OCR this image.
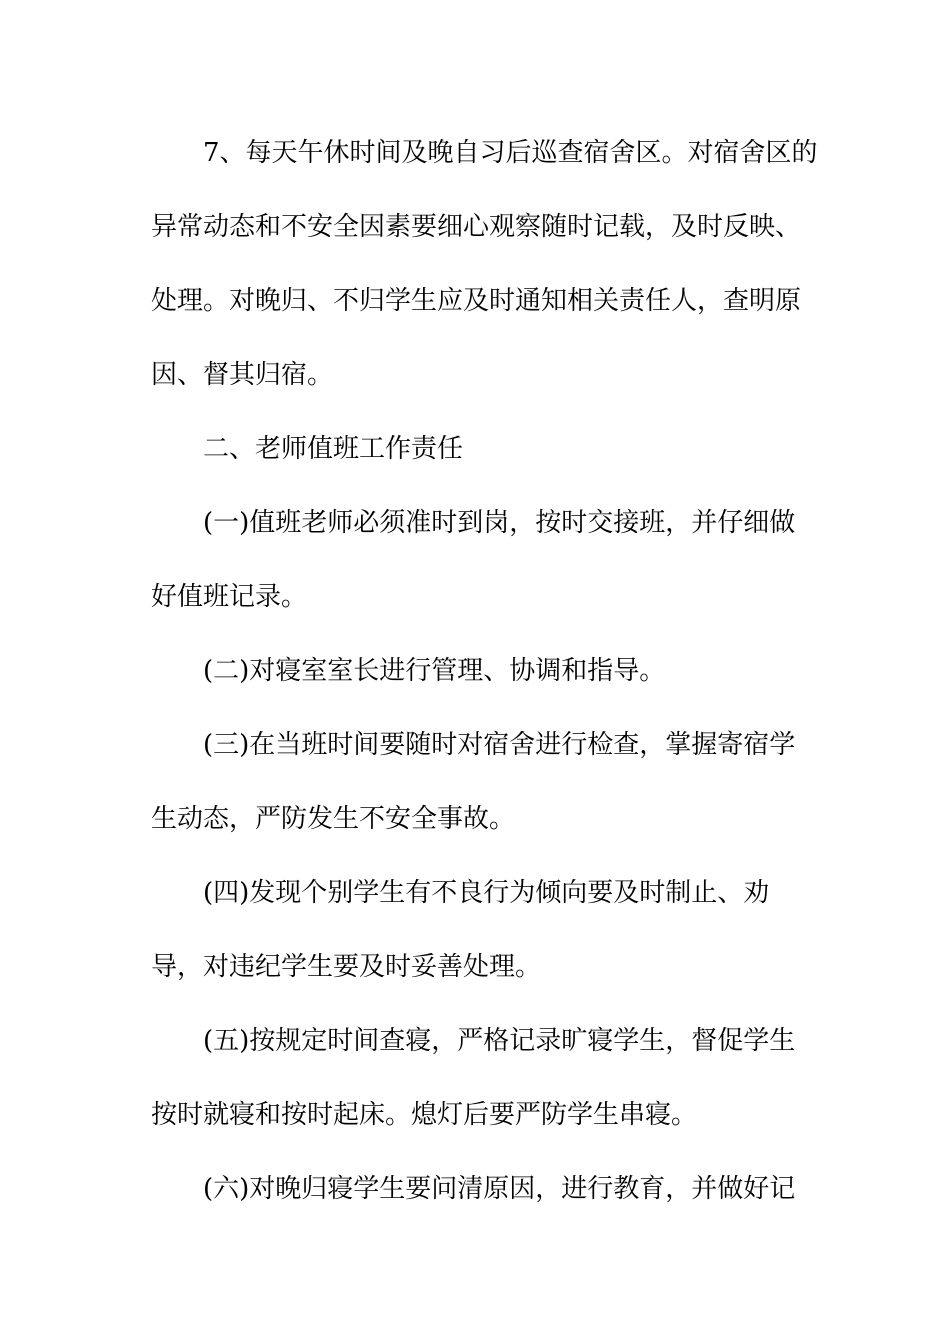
7、每天午休时间及晚自习后巡查宿舍区。对宿舍区的
异常动态和不安全因素要细心观察随时记载，及时反映、
处理。对晚归、不归学生应及时通知相关责任人，查明原
因、督其归宿。
二、老师值班工作责任
(一)值班老师必须准时到岗，按时交接班，并仔细做
好值班记录。
(二)对寝室室长进行管理、协调和指导。
(三)在当班时间要随时对宿舍进行检查，掌握寄宿学
生动态，严防发生不安全事故。
(四)发现个别学生有不良行为倾向要及时制止、劝
导，对违纪学生要及时妥善处理。
(五)按规定时间查寝，严格记录旷寝学生，督促学生
按时就寝和按时起床。熄灯后要严防学生串寝。
(六)对晚归寝学生要问清原因，进行教育，并做好记
